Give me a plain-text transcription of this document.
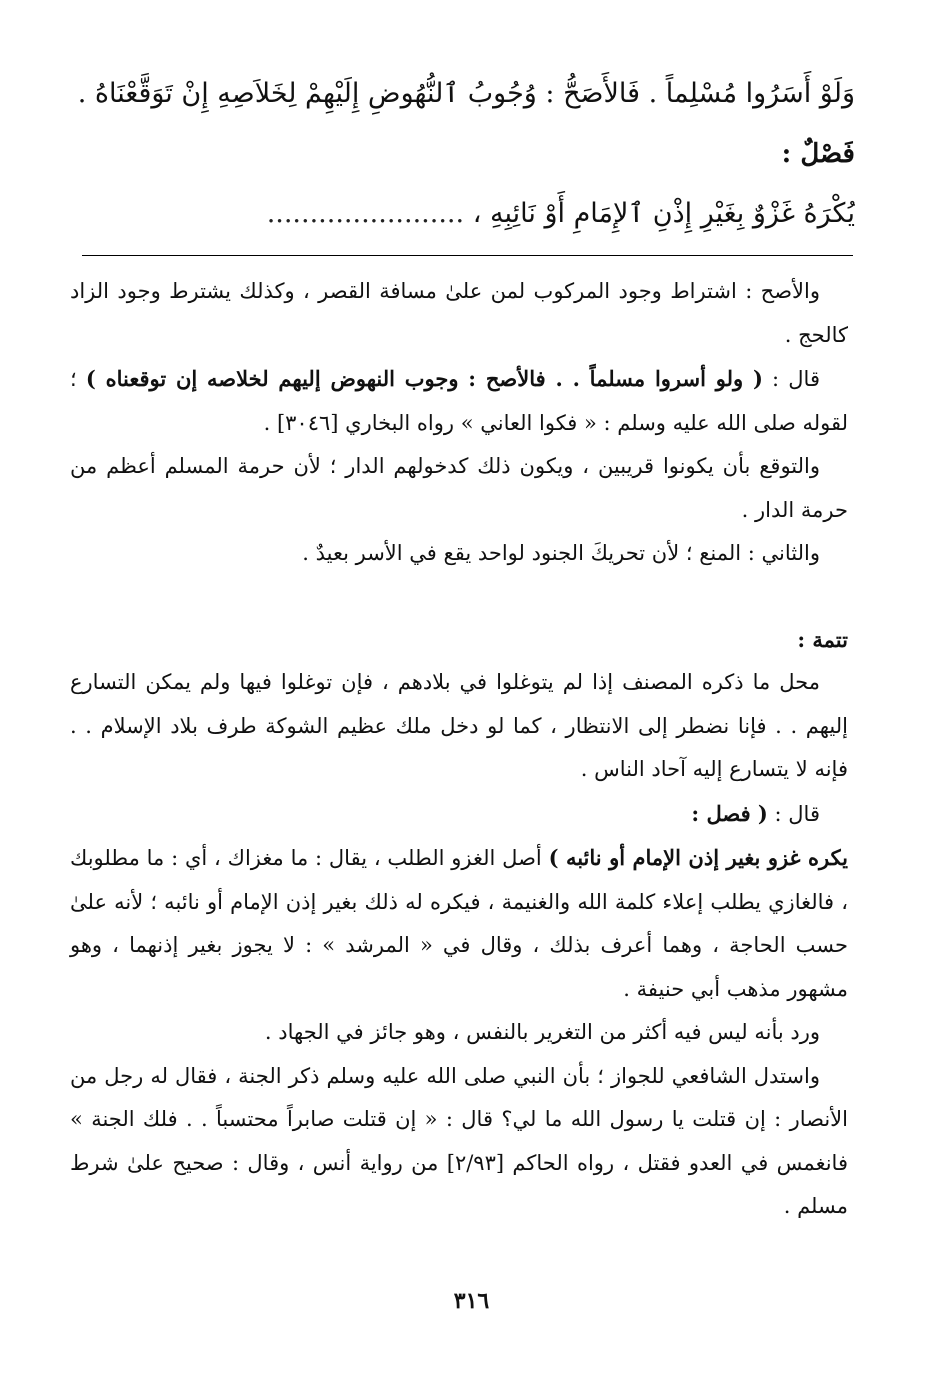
وَلَوْ أَسَرُوا مُسْلِماً . فَالأَصَحُّ : وُجُوبُ ٱلنُّهُوضِ إِلَيْهِمْ لِخَلاَصِهِ إِنْ تَوَقَّعْنَاهُ .
فَصْلٌ :
يُكْرَهُ غَزْوٌ بِغَيْرِ إِذْنِ ٱلإِمَامِ أَوْ نَائِبِهِ ، .......................

والأصح : اشتراط وجود المركوب لمن علىٰ مسافة القصر ، وكذلك يشترط وجود الزاد كالحج .

قال : ( ولو أسروا مسلماً . . فالأصح : وجوب النهوض إليهم لخلاصه إن توقعناه ) ؛ لقوله صلى الله عليه وسلم : « فكوا العاني » رواه البخاري [٣٠٤٦] .

والتوقع بأن يكونوا قريبين ، ويكون ذلك كدخولهم الدار ؛ لأن حرمة المسلم أعظم من حرمة الدار .

والثاني : المنع ؛ لأن تحريكَ الجنود لواحد يقع في الأسر بعيدٌ .

تتمة :

محل ما ذكره المصنف إذا لم يتوغلوا في بلادهم ، فإن توغلوا فيها ولم يمكن التسارع إليهم . . فإنا نضطر إلى الانتظار ، كما لو دخل ملك عظيم الشوكة طرف بلاد الإسلام . . فإنه لا يتسارع إليه آحاد الناس .

قال : ( فصل :

يكره غزو بغير إذن الإمام أو نائبه ) أصل الغزو الطلب ، يقال : ما مغزاك ، أي : ما مطلوبك ، فالغازي يطلب إعلاء كلمة الله والغنيمة ، فيكره له ذلك بغير إذن الإمام أو نائبه ؛ لأنه علىٰ حسب الحاجة ، وهما أعرف بذلك ، وقال في « المرشد » : لا يجوز بغير إذنهما ، وهو مشهور مذهب أبي حنيفة .

ورد بأنه ليس فيه أكثر من التغرير بالنفس ، وهو جائز في الجهاد .

واستدل الشافعي للجواز ؛ بأن النبي صلى الله عليه وسلم ذكر الجنة ، فقال له رجل من الأنصار : إن قتلت يا رسول الله ما لي؟ قال : « إن قتلت صابراً محتسباً . . فلك الجنة » فانغمس في العدو فقتل ، رواه الحاكم [٢/٩٣] من رواية أنس ، وقال : صحيح علىٰ شرط مسلم .

٣١٦
